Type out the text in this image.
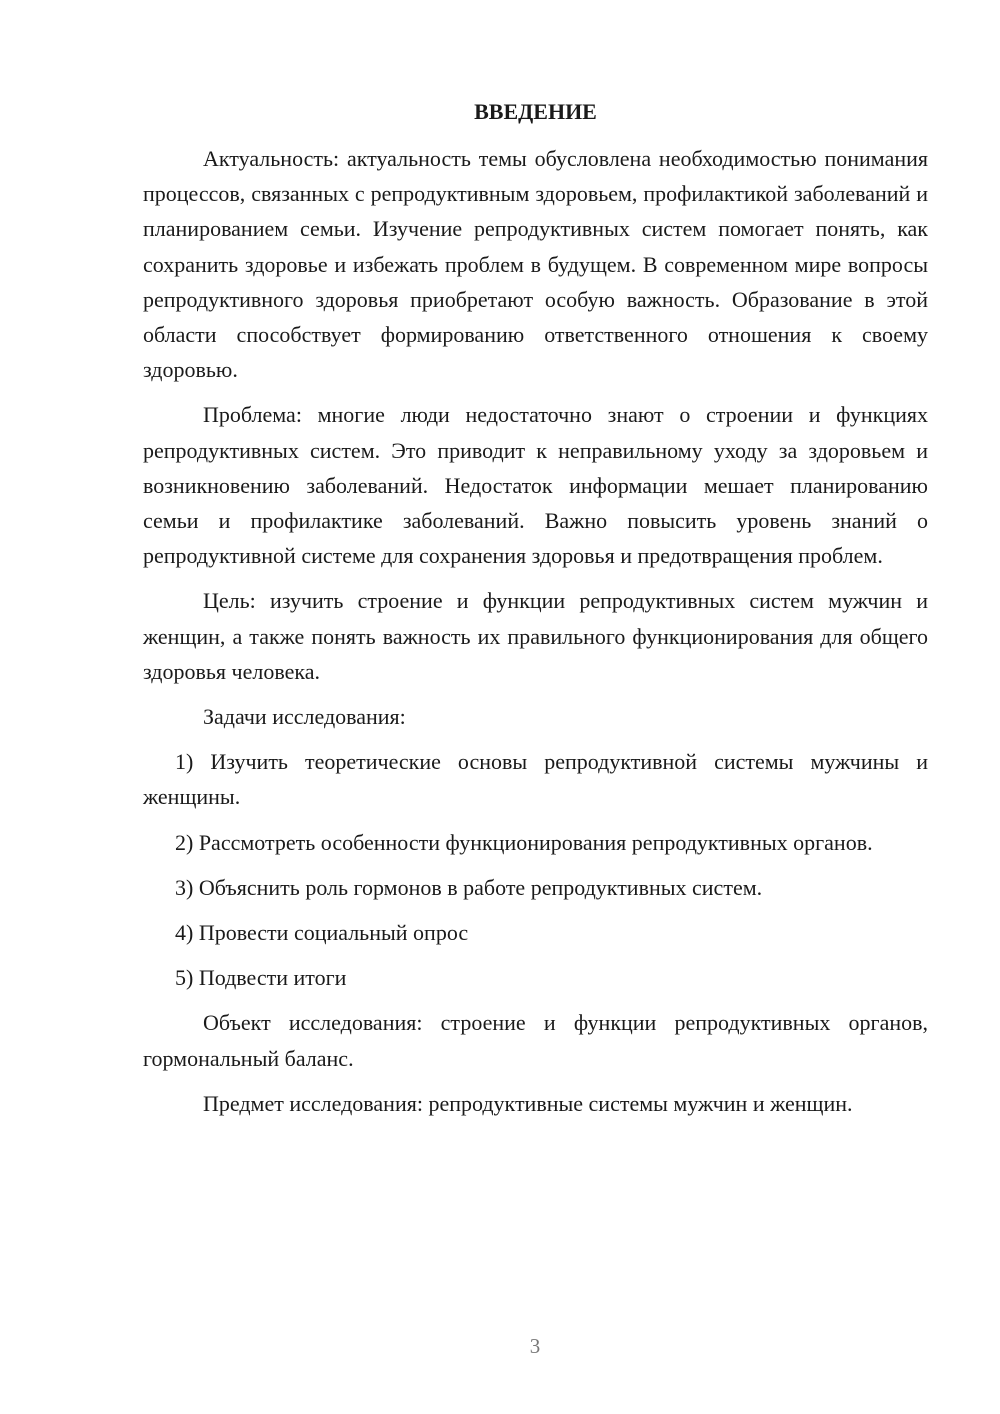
ВВЕДЕНИЕ

Актуальность: актуальность темы обусловлена необходимостью понимания процессов, связанных с репродуктивным здоровьем, профилактикой заболеваний и планированием семьи. Изучение репродуктивных систем помогает понять, как сохранить здоровье и избежать проблем в будущем. В современном мире вопросы репродуктивного здоровья приобретают особую важность. Образование в этой области способствует формированию ответственного отношения к своему здоровью.

Проблема: многие люди недостаточно знают о строении и функциях репродуктивных систем. Это приводит к неправильному уходу за здоровьем и возникновению заболеваний. Недостаток информации мешает планированию семьи и профилактике заболеваний. Важно повысить уровень знаний о репродуктивной системе для сохранения здоровья и предотвращения проблем.

Цель: изучить строение и функции репродуктивных систем мужчин и женщин, а также понять важность их правильного функционирования для общего здоровья человека.

Задачи исследования:

1) Изучить теоретические основы репродуктивной системы мужчины и женщины.

2) Рассмотреть особенности функционирования репродуктивных органов.

3) Объяснить роль гормонов в работе репродуктивных систем.

4) Провести социальный опрос

5) Подвести итоги

Объект исследования: строение и функции репродуктивных органов, гормональный баланс.

Предмет исследования: репродуктивные системы мужчин и женщин.

3
